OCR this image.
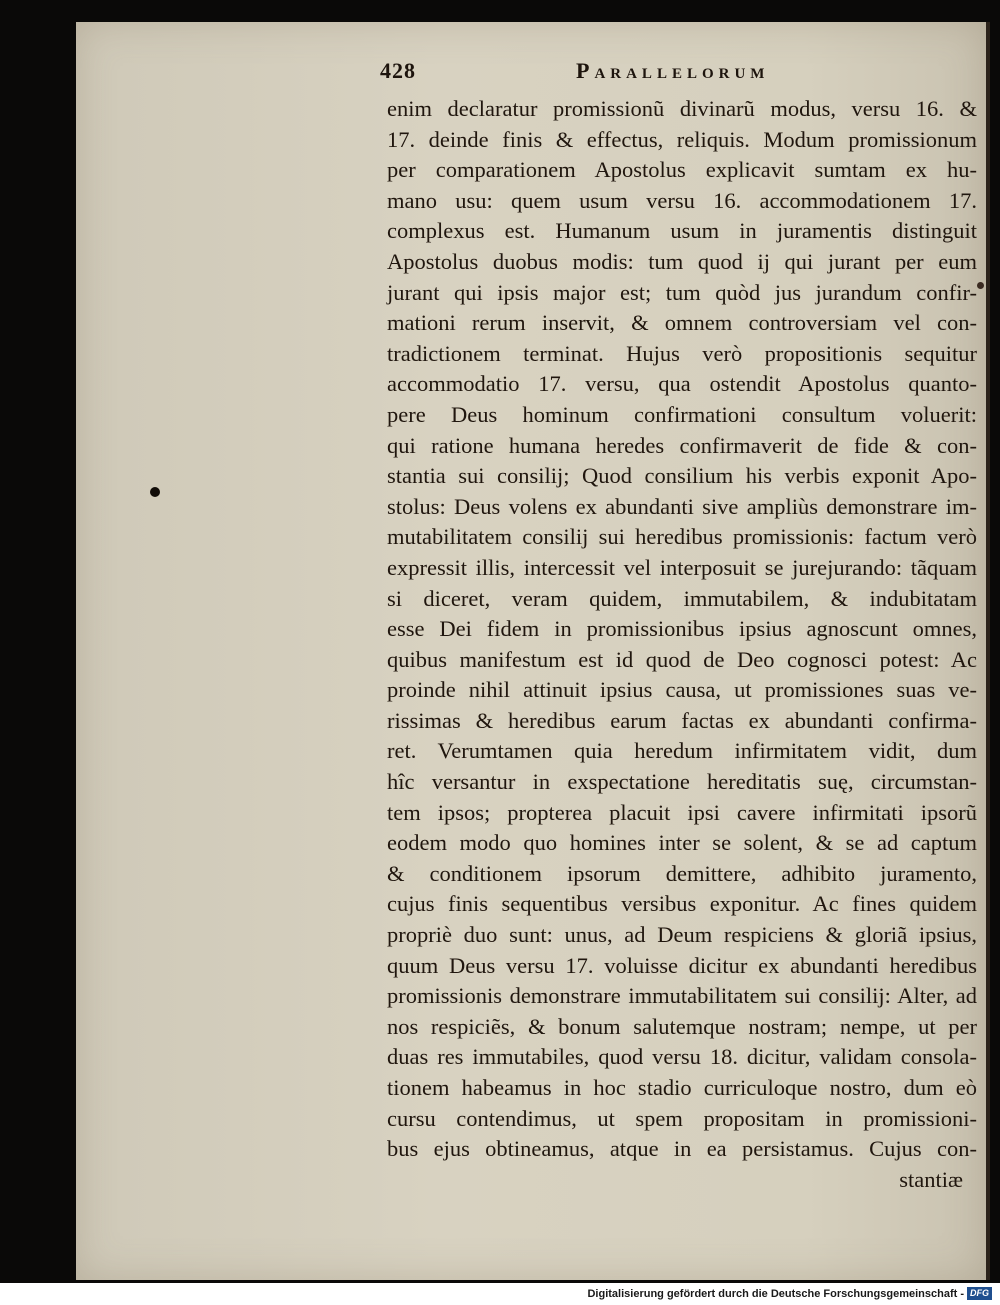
428	Parallelorum
enim declaratur promissionũ divinarũ modus, versu 16. &
17. deinde finis & effectus, reliquis. Modum promissionum
per comparationem Apostolus explicavit sumtam ex hu-
mano usu: quem usum versu 16. accommodationem 17.
complexus est. Humanum usum in juramentis distinguit
Apostolus duobus modis: tum quod ij qui jurant per eum
jurant qui ipsis major est; tum quòd jus jurandum confir-
mationi rerum inservit, & omnem controversiam vel con-
tradictionem terminat. Hujus verò propositionis sequitur
accommodatio 17. versu, qua ostendit Apostolus quanto-
pere Deus hominum confirmationi consultum voluerit:
qui ratione humana heredes confirmaverit de fide & con-
stantia sui consilij; Quod consilium his verbis exponit Apo-
stolus: Deus volens ex abundanti sive ampliùs demonstrare im-
mutabilitatem consilij sui heredibus promissionis: factum verò
expressit illis, intercessit vel interposuit se jurejurando: tãquam
si diceret, veram quidem, immutabilem, & indubitatam
esse Dei fidem in promissionibus ipsius agnoscunt omnes,
quibus manifestum est id quod de Deo cognosci potest: Ac
proinde nihil attinuit ipsius causa, ut promissiones suas ve-
rissimas & heredibus earum factas ex abundanti confirma-
ret. Verumtamen quia heredum infirmitatem vidit, dum
hîc versantur in exspectatione hereditatis suę, circumstan-
tem ipsos; propterea placuit ipsi cavere infirmitati ipsorũ
eodem modo quo homines inter se solent, & se ad captum
& conditionem ipsorum demittere, adhibito juramento,
cujus finis sequentibus versibus exponitur. Ac fines quidem
propriè duo sunt: unus, ad Deum respiciens & gloriã ipsius,
quum Deus versu 17. voluisse dicitur ex abundanti heredibus
promissionis demonstrare immutabilitatem sui consilij: Alter, ad
nos respiciẽs, & bonum salutemque nostram; nempe, ut per
duas res immutabiles, quod versu 18. dicitur, validam consola-
tionem habeamus in hoc stadio curriculoque nostro, dum eò
cursu contendimus, ut spem propositam in promissioni-
bus ejus obtineamus, atque in ea persistamus. Cujus con-
stantiæ
Digitalisierung gefördert durch die Deutsche Forschungsgemeinschaft - DFG
